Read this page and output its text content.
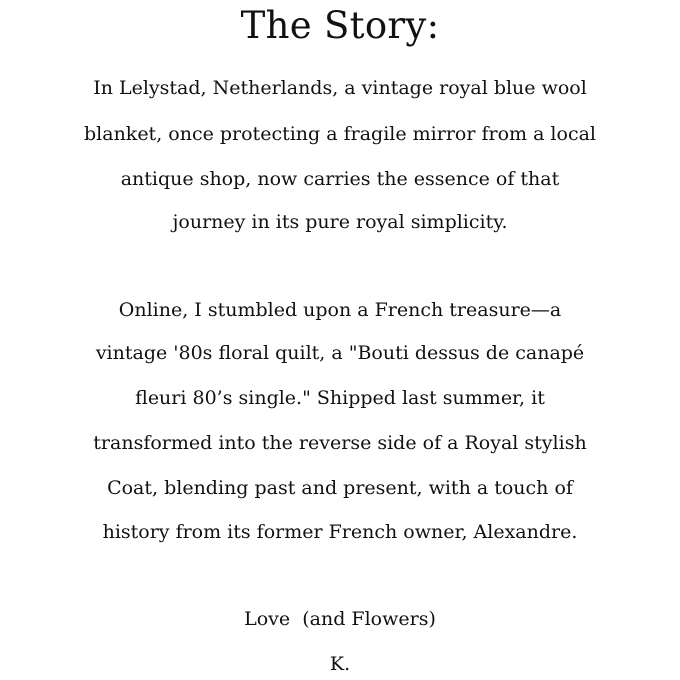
The Story:
In Lelystad, Netherlands, a vintage royal blue wool
blanket, once protecting a fragile mirror from a local
antique shop, now carries the essence of that
journey in its pure royal simplicity.
Online, I stumbled upon a French treasure—a
vintage '80s floral quilt, a "Bouti dessus de canapé
fleuri 80’s single." Shipped last summer, it
transformed into the reverse side of a Royal stylish
Coat, blending past and present, with a touch of
history from its former French owner, Alexandre.
Love  (and Flowers)
K.
